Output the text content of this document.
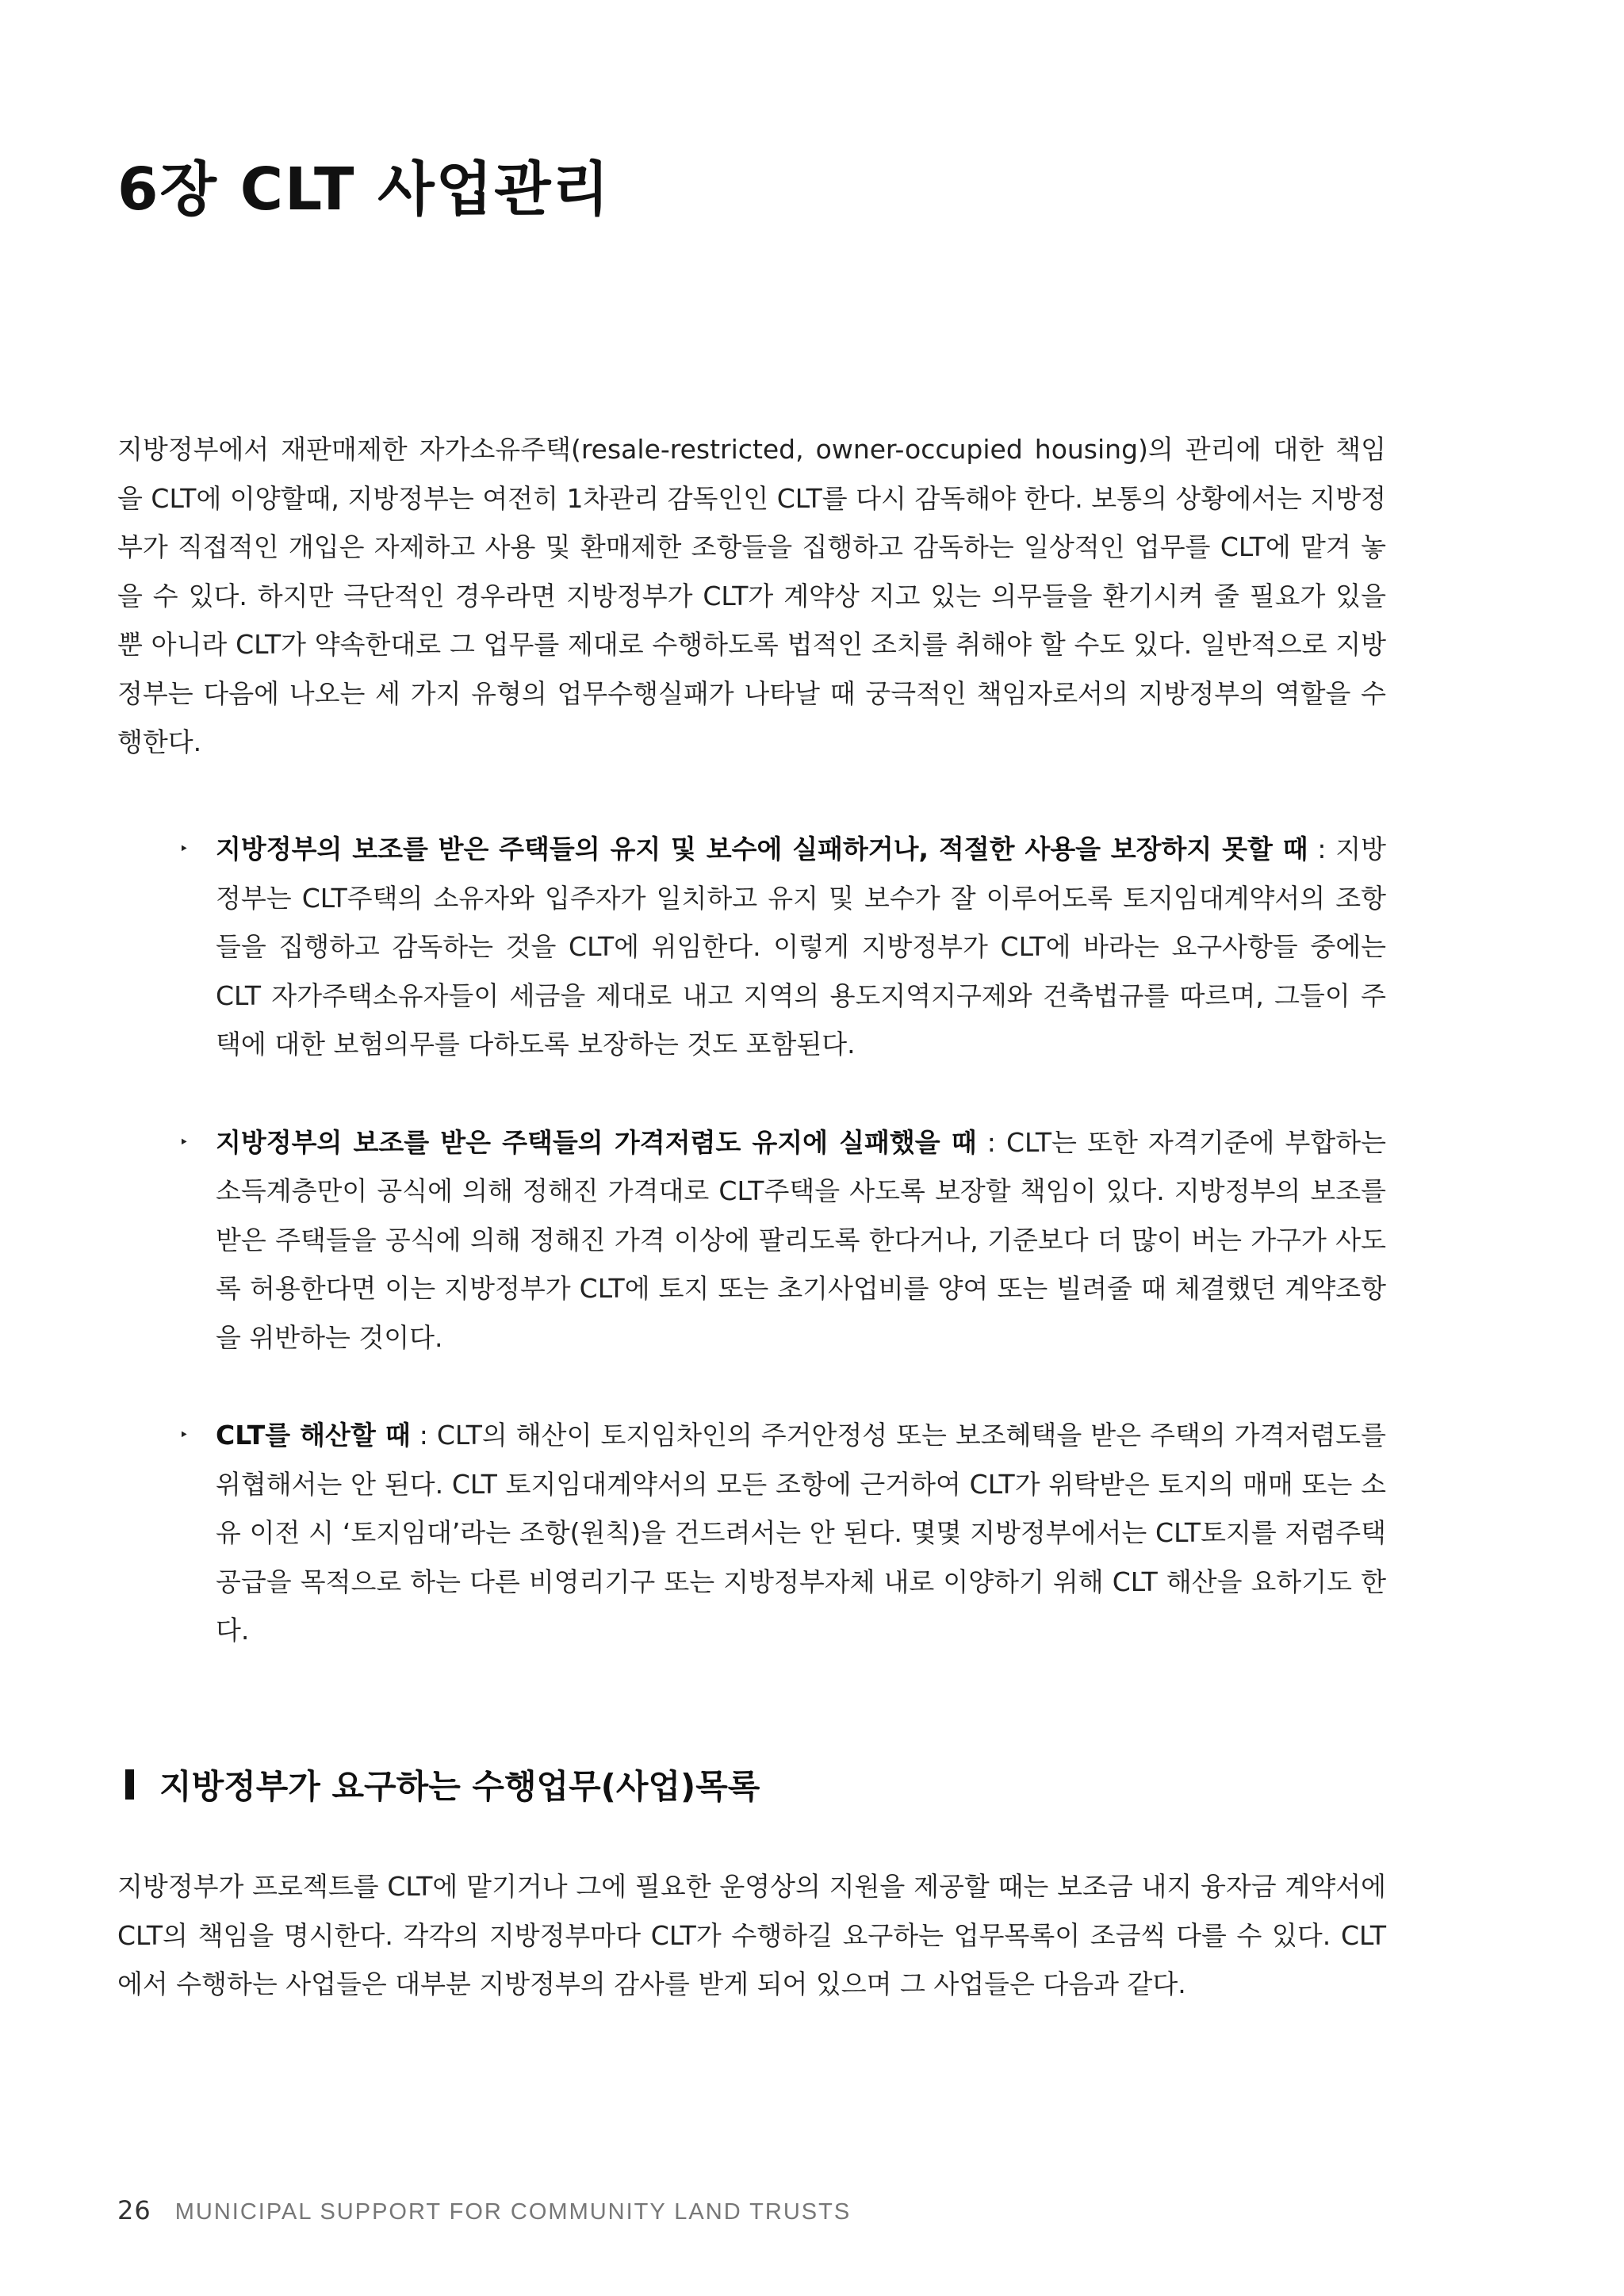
6장 CLT 사업관리

지방정부에서 재판매제한 자가소유주택(resale-restricted, owner-occupied housing)의 관리에 대한 책임을 CLT에 이양할때, 지방정부는 여전히 1차관리 감독인인 CLT를 다시 감독해야 한다. 보통의 상황에서는 지방정부가 직접적인 개입은 자제하고 사용 및 환매제한 조항들을 집행하고 감독하는 일상적인 업무를 CLT에 맡겨 놓을 수 있다. 하지만 극단적인 경우라면 지방정부가 CLT가 계약상 지고 있는 의무들을 환기시켜 줄 필요가 있을 뿐 아니라 CLT가 약속한대로 그 업무를 제대로 수행하도록 법적인 조치를 취해야 할 수도 있다. 일반적으로 지방정부는 다음에 나오는 세 가지 유형의 업무수행실패가 나타날 때 궁극적인 책임자로서의 지방정부의 역할을 수행한다.

‣ 지방정부의 보조를 받은 주택들의 유지 및 보수에 실패하거나, 적절한 사용을 보장하지 못할 때 : 지방정부는 CLT주택의 소유자와 입주자가 일치하고 유지 및 보수가 잘 이루어도록 토지임대계약서의 조항들을 집행하고 감독하는 것을 CLT에 위임한다. 이렇게 지방정부가 CLT에 바라는 요구사항들 중에는 CLT 자가주택소유자들이 세금을 제대로 내고 지역의 용도지역지구제와 건축법규를 따르며, 그들이 주택에 대한 보험의무를 다하도록 보장하는 것도 포함된다.
‣ 지방정부의 보조를 받은 주택들의 가격저렴도 유지에 실패했을 때 : CLT는 또한 자격기준에 부합하는 소득계층만이 공식에 의해 정해진 가격대로 CLT주택을 사도록 보장할 책임이 있다. 지방정부의 보조를 받은 주택들을 공식에 의해 정해진 가격 이상에 팔리도록 한다거나, 기준보다 더 많이 버는 가구가 사도록 허용한다면 이는 지방정부가 CLT에 토지 또는 초기사업비를 양여 또는 빌려줄 때 체결했던 계약조항을 위반하는 것이다.
‣ CLT를 해산할 때 : CLT의 해산이 토지임차인의 주거안정성 또는 보조혜택을 받은 주택의 가격저렴도를 위협해서는 안 된다. CLT 토지임대계약서의 모든 조항에 근거하여 CLT가 위탁받은 토지의 매매 또는 소유 이전 시 ‘토지임대’라는 조항(원칙)을 건드려서는 안 된다. 몇몇 지방정부에서는 CLT토지를 저렴주택공급을 목적으로 하는 다른 비영리기구 또는 지방정부자체 내로 이양하기 위해 CLT 해산을 요하기도 한다.
지방정부가 요구하는 수행업무(사업)목록

지방정부가 프로젝트를 CLT에 맡기거나 그에 필요한 운영상의 지원을 제공할 때는 보조금 내지 융자금 계약서에 CLT의 책임을 명시한다. 각각의 지방정부마다 CLT가 수행하길 요구하는 업무목록이 조금씩 다를 수 있다. CLT에서 수행하는 사업들은 대부분 지방정부의 감사를 받게 되어 있으며 그 사업들은 다음과 같다.

26 MUNICIPAL SUPPORT FOR COMMUNITY LAND TRUSTS
